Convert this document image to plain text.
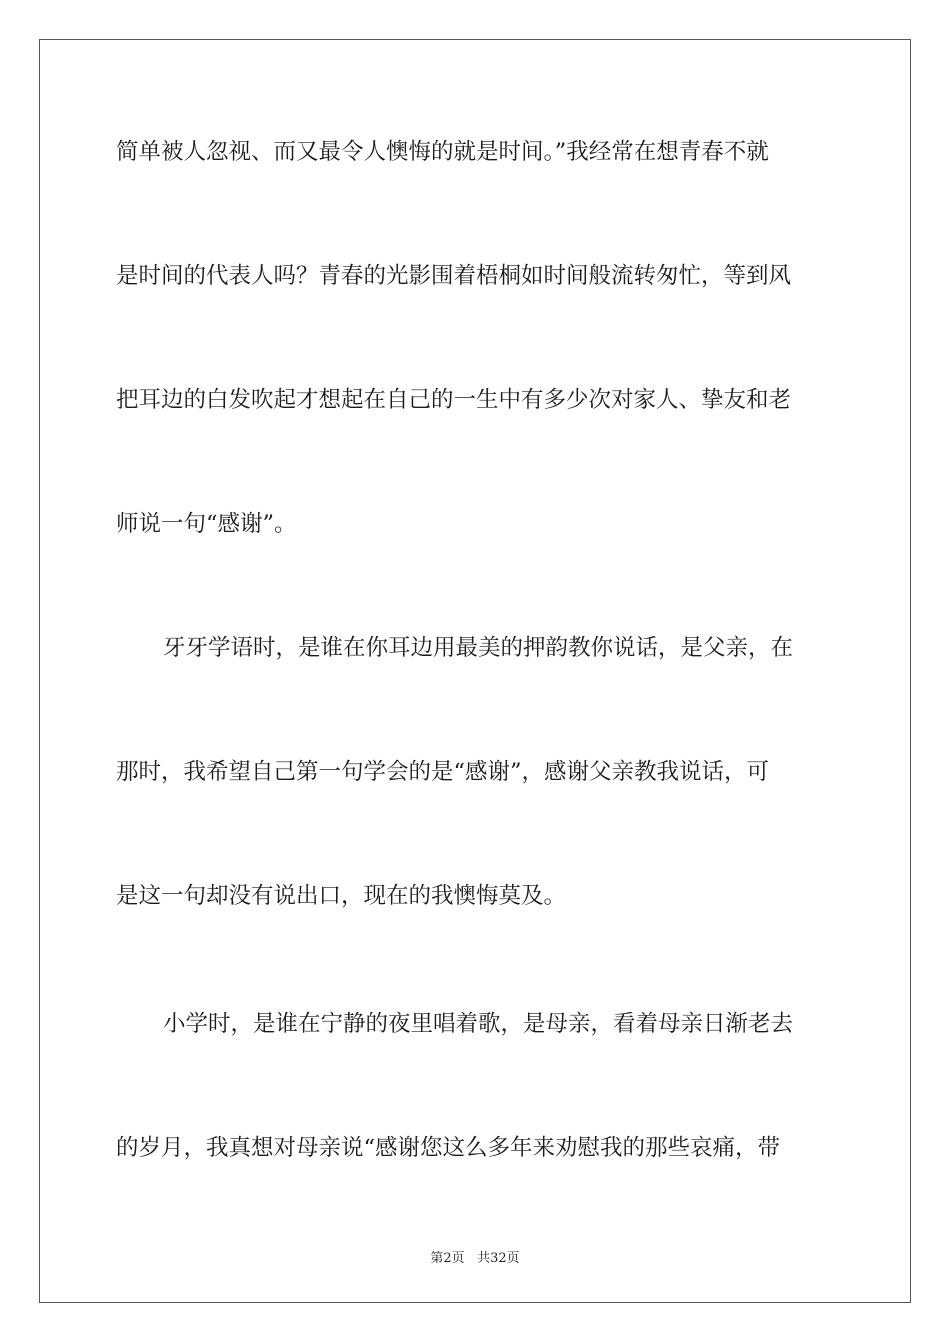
简单被人忽视、而又最令人懊悔的就是时间。”我经常在想青春不就
是时间的代表人吗？青春的光影围着梧桐如时间般流转匆忙，等到风
把耳边的白发吹起才想起在自己的一生中有多少次对家人、挚友和老
师说一句“感谢”。
牙牙学语时，是谁在你耳边用最美的押韵教你说话，是父亲，在
那时，我希望自己第一句学会的是“感谢”，感谢父亲教我说话，可
是这一句却没有说出口，现在的我懊悔莫及。
小学时，是谁在宁静的夜里唱着歌，是母亲，看着母亲日渐老去
的岁月，我真想对母亲说“感谢您这么多年来劝慰我的那些哀痛，带
第2页 共32页
